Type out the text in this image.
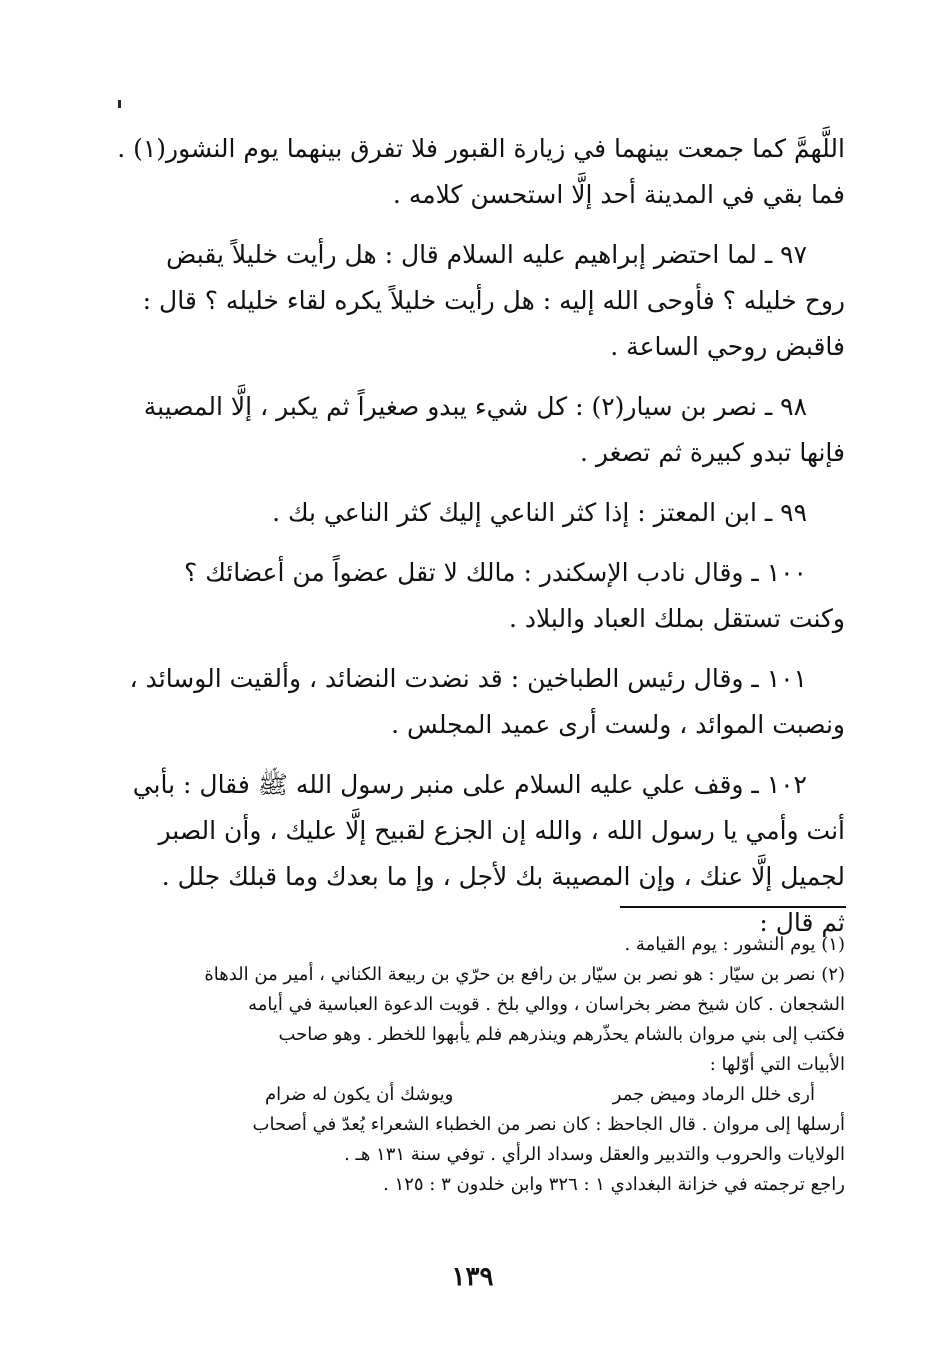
اللَّهمَّ كما جمعت بينهما في زيارة القبور فلا تفرق بينهما يوم النشور(١) .

فما بقي في المدينة أحد إلَّا استحسن كلامه .

٩٧ ـ لما احتضر إبراهيم عليه السلام قال : هل رأيت خليلاً يقبض

روح خليله ؟ فأوحى الله إليه : هل رأيت خليلاً يكره لقاء خليله ؟ قال :

فاقبض روحي الساعة .

٩٨ ـ نصر بن سيار(٢) : كل شيء يبدو صغيراً ثم يكبر ، إلَّا المصيبة

فإنها تبدو كبيرة ثم تصغر .

٩٩ ـ ابن المعتز : إذا كثر الناعي إليك كثر الناعي بك .

١٠٠ ـ وقال نادب الإسكندر : مالك لا تقل عضواً من أعضائك ؟

وكنت تستقل بملك العباد والبلاد .

١٠١ ـ وقال رئيس الطباخين : قد نضدت النضائد ، وألقيت الوسائد ،

ونصبت الموائد ، ولست أرى عميد المجلس .

١٠٢ ـ وقف علي عليه السلام على منبر رسول الله ﷺ فقال : بأبي

أنت وأمي يا رسول الله ، والله إن الجزع لقبيح إلَّا عليك ، وأن الصبر

لجميل إلَّا عنك ، وإن المصيبة بك لأجل ، وإ ما بعدك وما قبلك جلل .

ثم قال :

(١) يوم النشور : يوم القيامة .

(٢) نصر بن سيّار : هو نصر بن سيّار بن رافع بن حرّي بن ربيعة الكناني ، أمير من الدهاة

الشجعان . كان شيخ مضر بخراسان ، ووالي بلخ . قويت الدعوة العباسية في أيامه

فكتب إلى بني مروان بالشام يحذّرهم وينذرهم فلم يأبهوا للخطر . وهو صاحب

الأبيات التي أوّلها :

أرى خلل الرماد وميض جمر
ويوشك أن يكون له ضرام

أرسلها إلى مروان . قال الجاحظ : كان نصر من الخطباء الشعراء يُعدّ في أصحاب

الولايات والحروب والتدبير والعقل وسداد الرأي . توفي سنة ١٣١ هـ .

راجع ترجمته في خزانة البغدادي ١ : ٣٢٦ وابن خلدون ٣ : ١٢٥ .

١٣٩
